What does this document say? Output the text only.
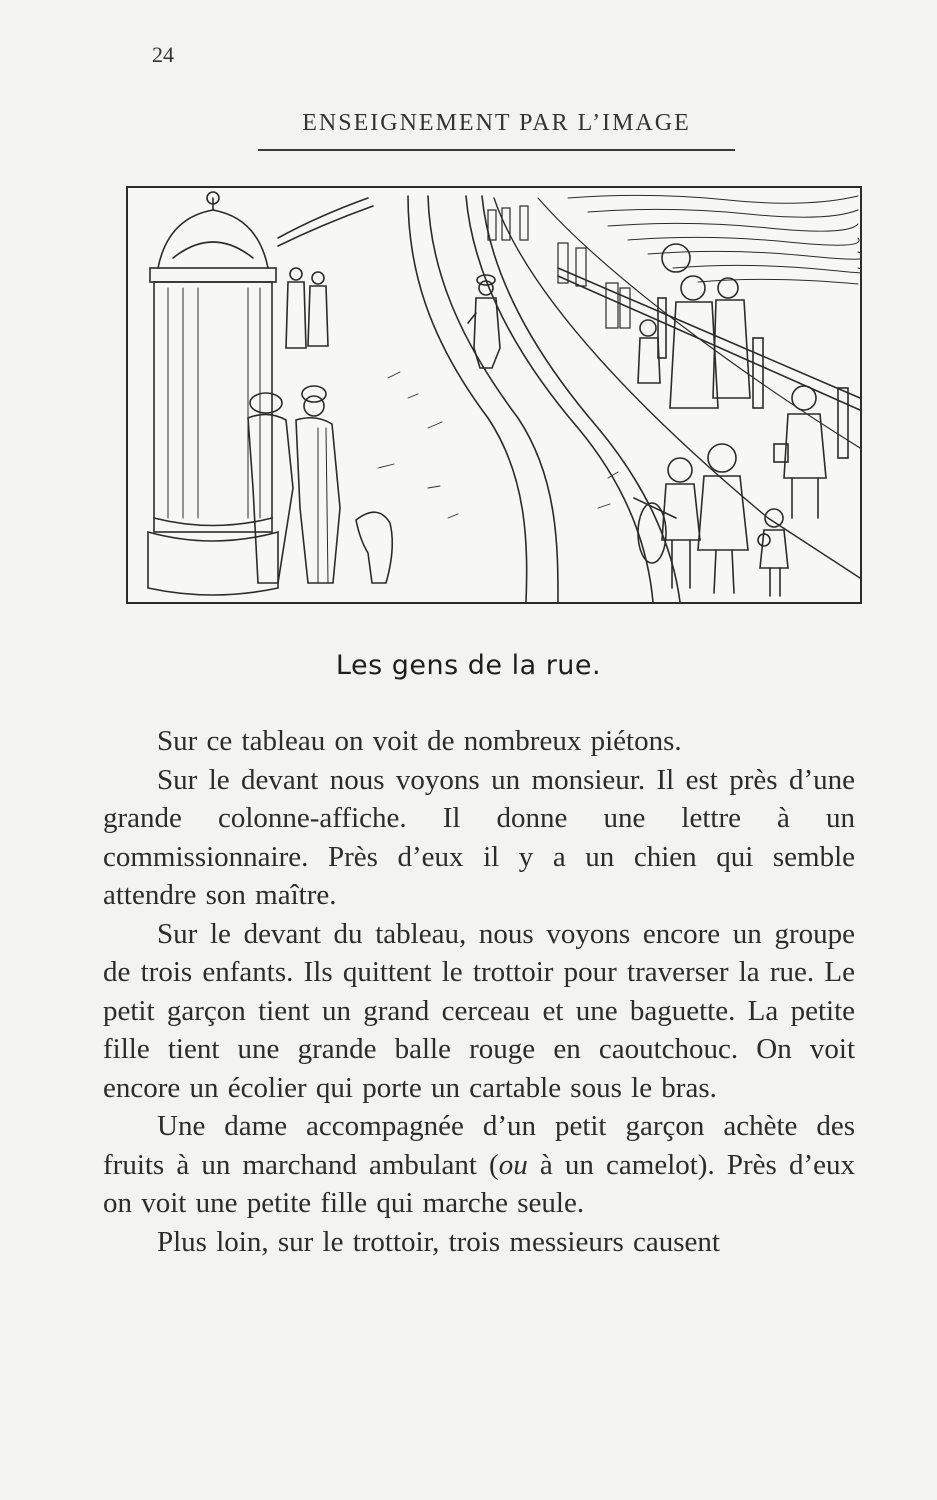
24
ENSEIGNEMENT PAR L’IMAGE
Les gens de la rue.

Sur ce tableau on voit de nombreux piétons.

Sur le devant nous voyons un monsieur. Il est près d’une grande colonne-affiche. Il donne une lettre à un commissionnaire. Près d’eux il y a un chien qui semble attendre son maître.

Sur le devant du tableau, nous voyons encore un groupe de trois enfants. Ils quittent le trottoir pour traverser la rue. Le petit garçon tient un grand cerceau et une baguette. La petite fille tient une grande balle rouge en caoutchouc. On voit encore un écolier qui porte un cartable sous le bras.

Une dame accompagnée d’un petit garçon achète des fruits à un marchand ambulant (ou à un camelot). Près d’eux on voit une petite fille qui marche seule.

Plus loin, sur le trottoir, trois messieurs causent
